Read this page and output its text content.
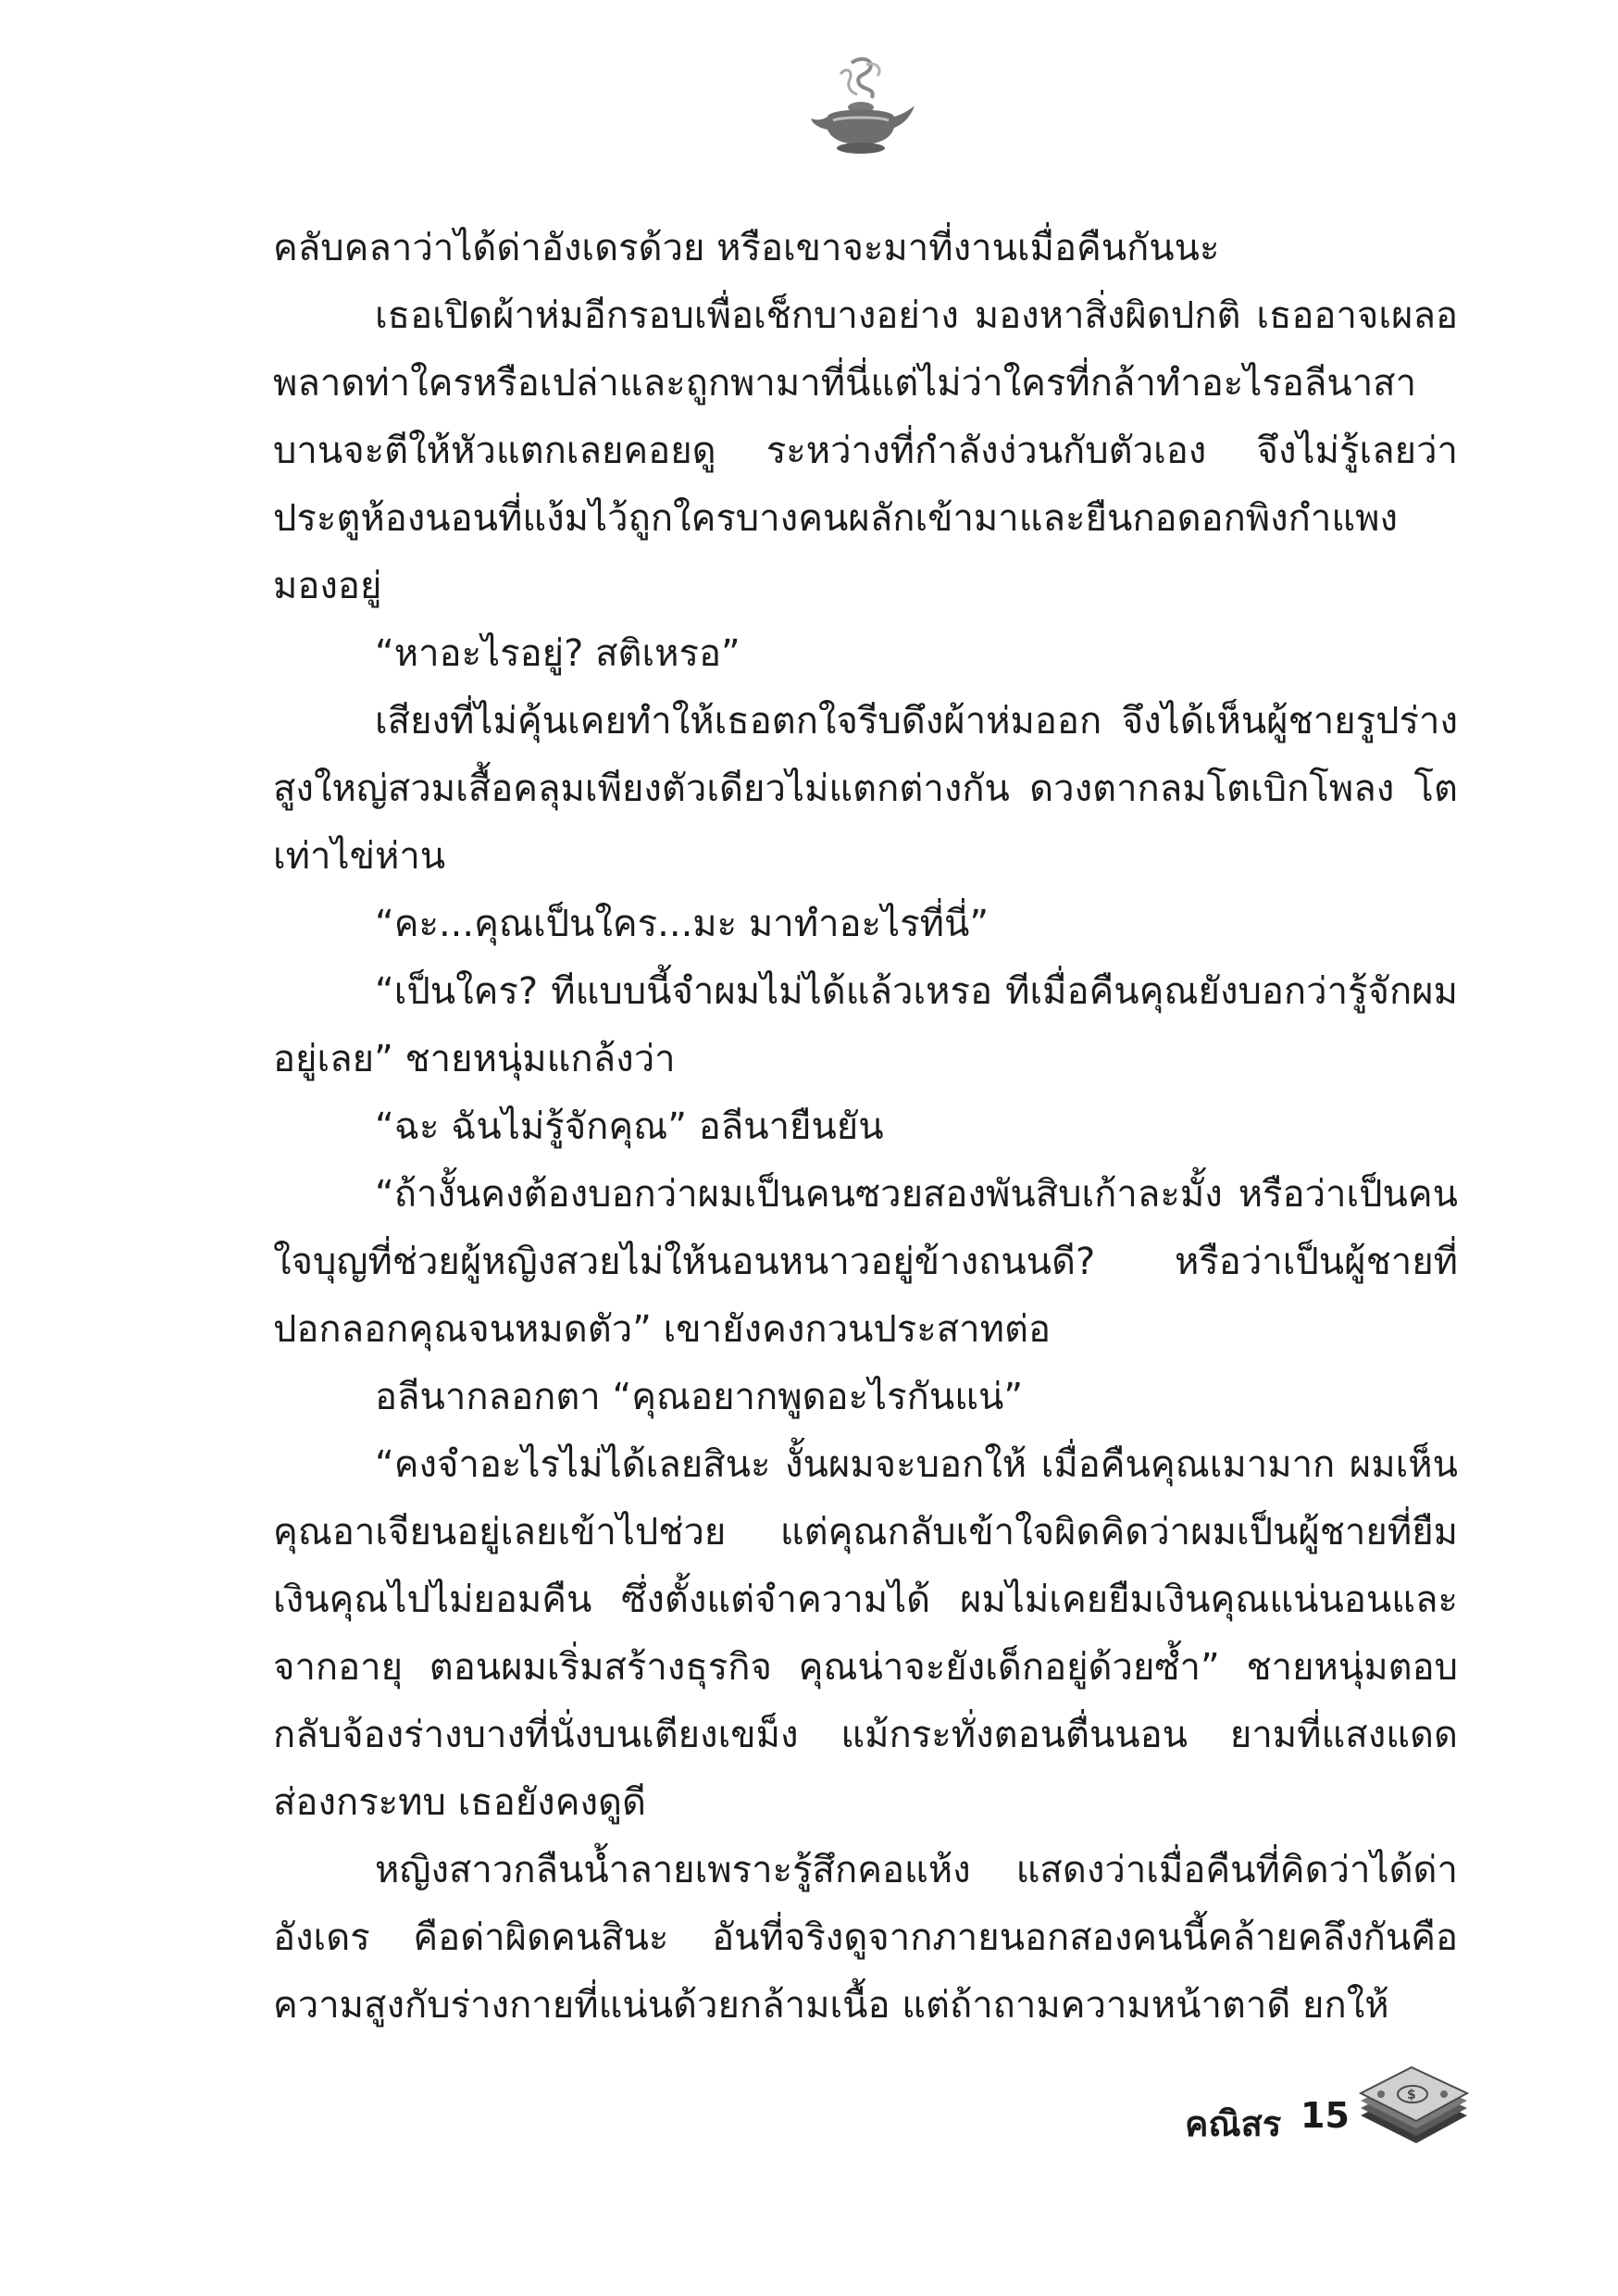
คลับคลาว่าได้ด่าอังเดรด้วย หรือเขาจะมาที่งานเมื่อคืนกันนะ

เธอเปิดผ้าห่มอีกรอบเพื่อเช็กบางอย่าง มองหาสิ่งผิดปกติ เธออาจเผลอพลาดท่าใครหรือเปล่าและถูกพามาที่นี่แต่ไม่ว่าใครที่กล้าทำอะไรอลีนาสาบานจะตีให้หัวแตกเลยคอยดู ระหว่างที่กำลังง่วนกับตัวเอง จึงไม่รู้เลยว่าประตูห้องนอนที่แง้มไว้ถูกใครบางคนผลักเข้ามาและยืนกอดอกพิงกำแพงมองอยู่

“หาอะไรอยู่? สติเหรอ”

เสียงที่ไม่คุ้นเคยทำให้เธอตกใจรีบดึงผ้าห่มออก จึงได้เห็นผู้ชายรูปร่างสูงใหญ่สวมเสื้อคลุมเพียงตัวเดียวไม่แตกต่างกัน ดวงตากลมโตเบิกโพลง โตเท่าไข่ห่าน

“คะ...คุณเป็นใคร...มะ มาทำอะไรที่นี่”

“เป็นใคร? ทีแบบนี้จำผมไม่ได้แล้วเหรอ ทีเมื่อคืนคุณยังบอกว่ารู้จักผมอยู่เลย” ชายหนุ่มแกล้งว่า

“ฉะ ฉันไม่รู้จักคุณ” อลีนายืนยัน

“ถ้างั้นคงต้องบอกว่าผมเป็นคนซวยสองพันสิบเก้าละมั้ง หรือว่าเป็นคนใจบุญที่ช่วยผู้หญิงสวยไม่ให้นอนหนาวอยู่ข้างถนนดี? หรือว่าเป็นผู้ชายที่ปอกลอกคุณจนหมดตัว” เขายังคงกวนประสาทต่อ

อลีนากลอกตา “คุณอยากพูดอะไรกันแน่”

“คงจำอะไรไม่ได้เลยสินะ งั้นผมจะบอกให้ เมื่อคืนคุณเมามาก ผมเห็นคุณอาเจียนอยู่เลยเข้าไปช่วย แต่คุณกลับเข้าใจผิดคิดว่าผมเป็นผู้ชายที่ยืมเงินคุณไปไม่ยอมคืน ซึ่งตั้งแต่จำความได้ ผมไม่เคยยืมเงินคุณแน่นอนและจากอายุ ตอนผมเริ่มสร้างธุรกิจ คุณน่าจะยังเด็กอยู่ด้วยซ้ำ” ชายหนุ่มตอบกลับจ้องร่างบางที่นั่งบนเตียงเขม็ง แม้กระทั่งตอนตื่นนอน ยามที่แสงแดดส่องกระทบ เธอยังคงดูดี

หญิงสาวกลืนน้ำลายเพราะรู้สึกคอแห้ง แสดงว่าเมื่อคืนที่คิดว่าได้ด่าอังเดร คือด่าผิดคนสินะ อันที่จริงดูจากภายนอกสองคนนี้คล้ายคลึงกันคือความสูงกับร่างกายที่แน่นด้วยกล้ามเนื้อ แต่ถ้าถามความหน้าตาดี ยกให้

คณิสร 15	$
